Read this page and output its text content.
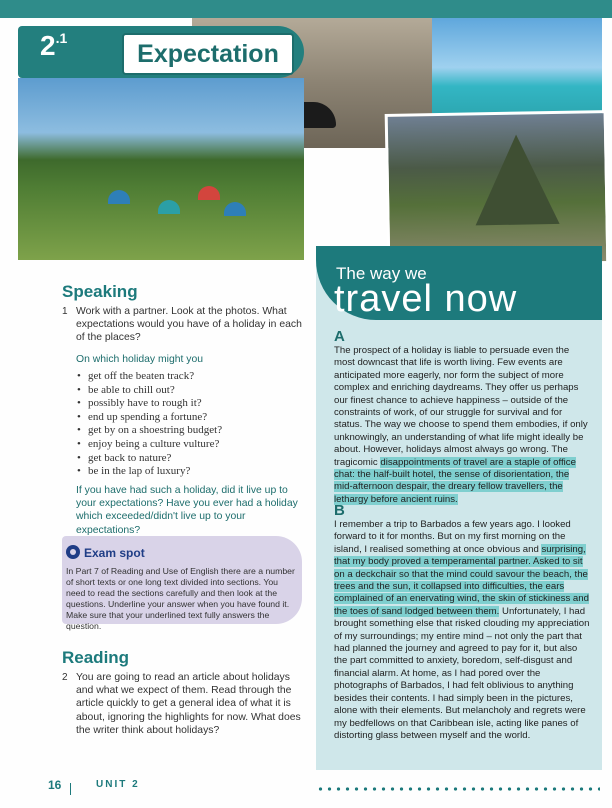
$2^{.1}$
Expectation
Speaking
1 Work with a partner. Look at the photos. What expectations would you have of a holiday in each of the places?
On which holiday might you
• get off the beaten track?
• be able to chill out?
• possibly have to rough it?
• end up spending a fortune?
• get by on a shoestring budget?
• enjoy being a culture vulture?
• get back to nature?
• be in the lap of luxury?
If you have had such a holiday, did it live up to your expectations? Have you ever had a holiday which exceeded/didn't live up to your expectations?
Exam spot
In Part 7 of Reading and Use of English there are a number of short texts or one long text divided into sections. You need to read the sections carefully and then look at the questions. Underline your answer when you have found it. Make sure that your underlined text fully answers the question.
Reading
2 You are going to read an article about holidays and what we expect of them. Read through the article quickly to get a general idea of what it is about, ignoring the highlights for now. What does the writer think about holidays?
The way we
travel now
A
The prospect of a holiday is liable to persuade even the most downcast that life is worth living. Few events are anticipated more eagerly, nor form the subject of more complex and enriching daydreams. They offer us perhaps our finest chance to achieve happiness – outside of the constraints of work, of our struggle for survival and for status. The way we choose to spend them embodies, if only unknowingly, an understanding of what life might ideally be about. However, holidays almost always go wrong. The tragicomic disappointments of travel are a staple of office chat: the half-built hotel, the sense of disorientation, the mid-afternoon despair, the dreary fellow travellers, the lethargy before ancient ruins.
B
I remember a trip to Barbados a few years ago. I looked forward to it for months. But on my first morning on the island, I realised something at once obvious and surprising, that my body proved a temperamental partner. Asked to sit on a deckchair so that the mind could savour the beach, the trees and the sun, it collapsed into difficulties, the ears complained of an enervating wind, the skin of stickiness and the toes of sand lodged between them. Unfortunately, I had brought something else that risked clouding my appreciation of my surroundings; my entire mind – not only the part that had planned the journey and agreed to pay for it, but also the part committed to anxiety, boredom, self-disgust and financial alarm. At home, as I had pored over the photographs of Barbados, I had felt oblivious to anything besides their contents. I had simply been in the pictures, alone with their elements. But melancholy and regrets were my bedfellows on that Caribbean isle, acting like panes of distorting glass between myself and the world.
16	UNIT 2
